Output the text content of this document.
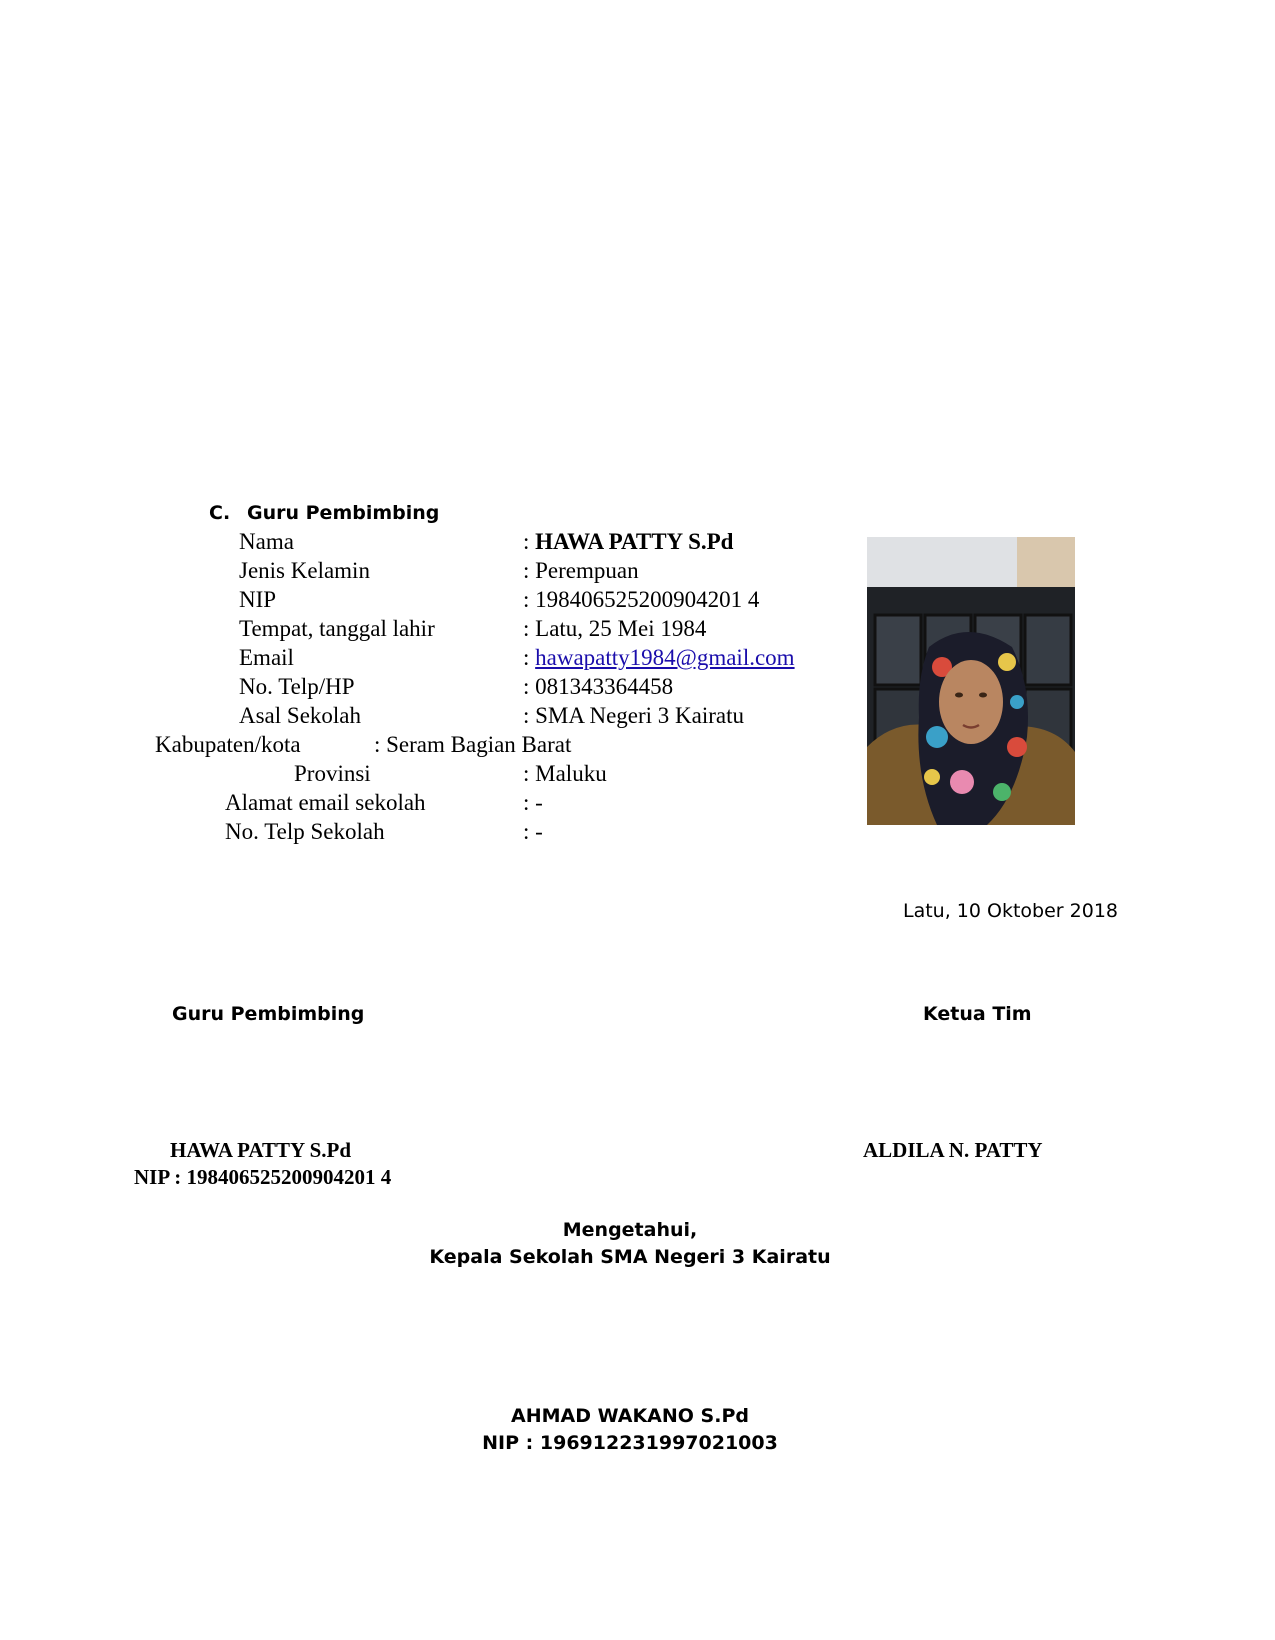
C. Guru Pembimbing
Nama	: HAWA PATTY S.Pd
Jenis Kelamin	: Perempuan
NIP	: 198406525200904201 4
Tempat, tanggal lahir	: Latu, 25 Mei 1984
Email	: hawapatty1984@gmail.com
No. Telp/HP	: 081343364458
Asal Sekolah	: SMA Negeri 3 Kairatu
Kabupaten/kota	: Seram Bagian Barat
Provinsi	: Maluku
Alamat email sekolah	: -
No. Telp Sekolah	: -
Latu, 10 Oktober 2018
Guru Pembimbing	Ketua Tim
HAWA PATTY S.Pd
NIP : 198406525200904201 4
ALDILA N. PATTY
Mengetahui,
Kepala Sekolah SMA Negeri 3 Kairatu
AHMAD WAKANO S.Pd
NIP : 196912231997021003
